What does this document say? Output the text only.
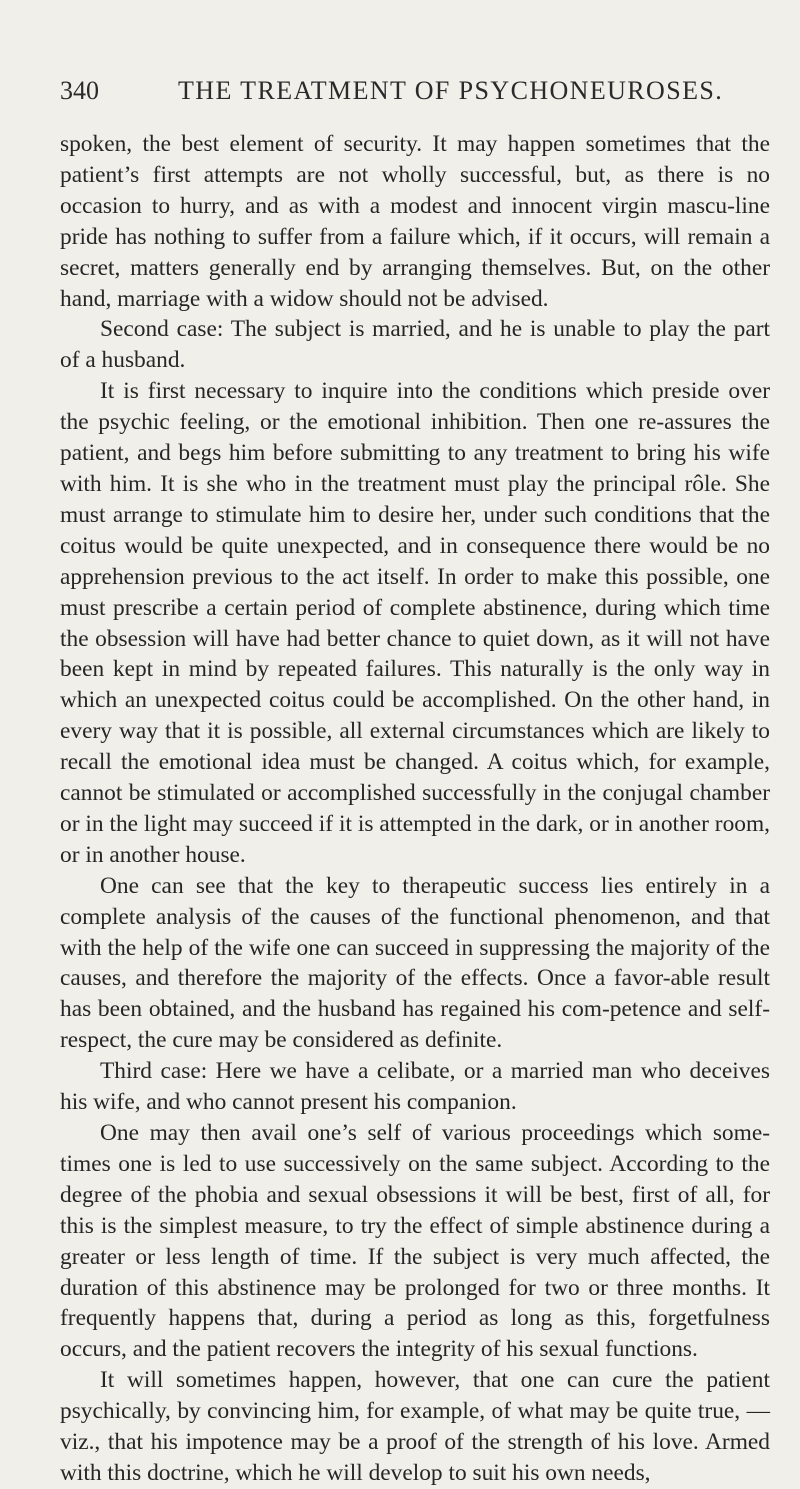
340	THE TREATMENT OF PSYCHONEUROSES.

spoken, the best element of security. It may happen sometimes that the patient’s first attempts are not wholly successful, but, as there is no occasion to hurry, and as with a modest and innocent virgin mascu-line pride has nothing to suffer from a failure which, if it occurs, will remain a secret, matters generally end by arranging themselves. But, on the other hand, marriage with a widow should not be advised.

Second case: The subject is married, and he is unable to play the part of a husband.

It is first necessary to inquire into the conditions which preside over the psychic feeling, or the emotional inhibition. Then one re-assures the patient, and begs him before submitting to any treatment to bring his wife with him. It is she who in the treatment must play the principal rôle. She must arrange to stimulate him to desire her, under such conditions that the coitus would be quite unexpected, and in consequence there would be no apprehension previous to the act itself. In order to make this possible, one must prescribe a certain period of complete abstinence, during which time the obsession will have had better chance to quiet down, as it will not have been kept in mind by repeated failures. This naturally is the only way in which an unexpected coitus could be accomplished. On the other hand, in every way that it is possible, all external circumstances which are likely to recall the emotional idea must be changed. A coitus which, for example, cannot be stimulated or accomplished successfully in the conjugal chamber or in the light may succeed if it is attempted in the dark, or in another room, or in another house.

One can see that the key to therapeutic success lies entirely in a complete analysis of the causes of the functional phenomenon, and that with the help of the wife one can succeed in suppressing the majority of the causes, and therefore the majority of the effects. Once a favor-able result has been obtained, and the husband has regained his com-petence and self-respect, the cure may be considered as definite.

Third case: Here we have a celibate, or a married man who deceives his wife, and who cannot present his companion.

One may then avail one’s self of various proceedings which some-times one is led to use successively on the same subject. According to the degree of the phobia and sexual obsessions it will be best, first of all, for this is the simplest measure, to try the effect of simple abstinence during a greater or less length of time. If the subject is very much affected, the duration of this abstinence may be prolonged for two or three months. It frequently happens that, during a period as long as this, forgetfulness occurs, and the patient recovers the integrity of his sexual functions.

It will sometimes happen, however, that one can cure the patient psychically, by convincing him, for example, of what may be quite true, —viz., that his impotence may be a proof of the strength of his love. Armed with this doctrine, which he will develop to suit his own needs,
